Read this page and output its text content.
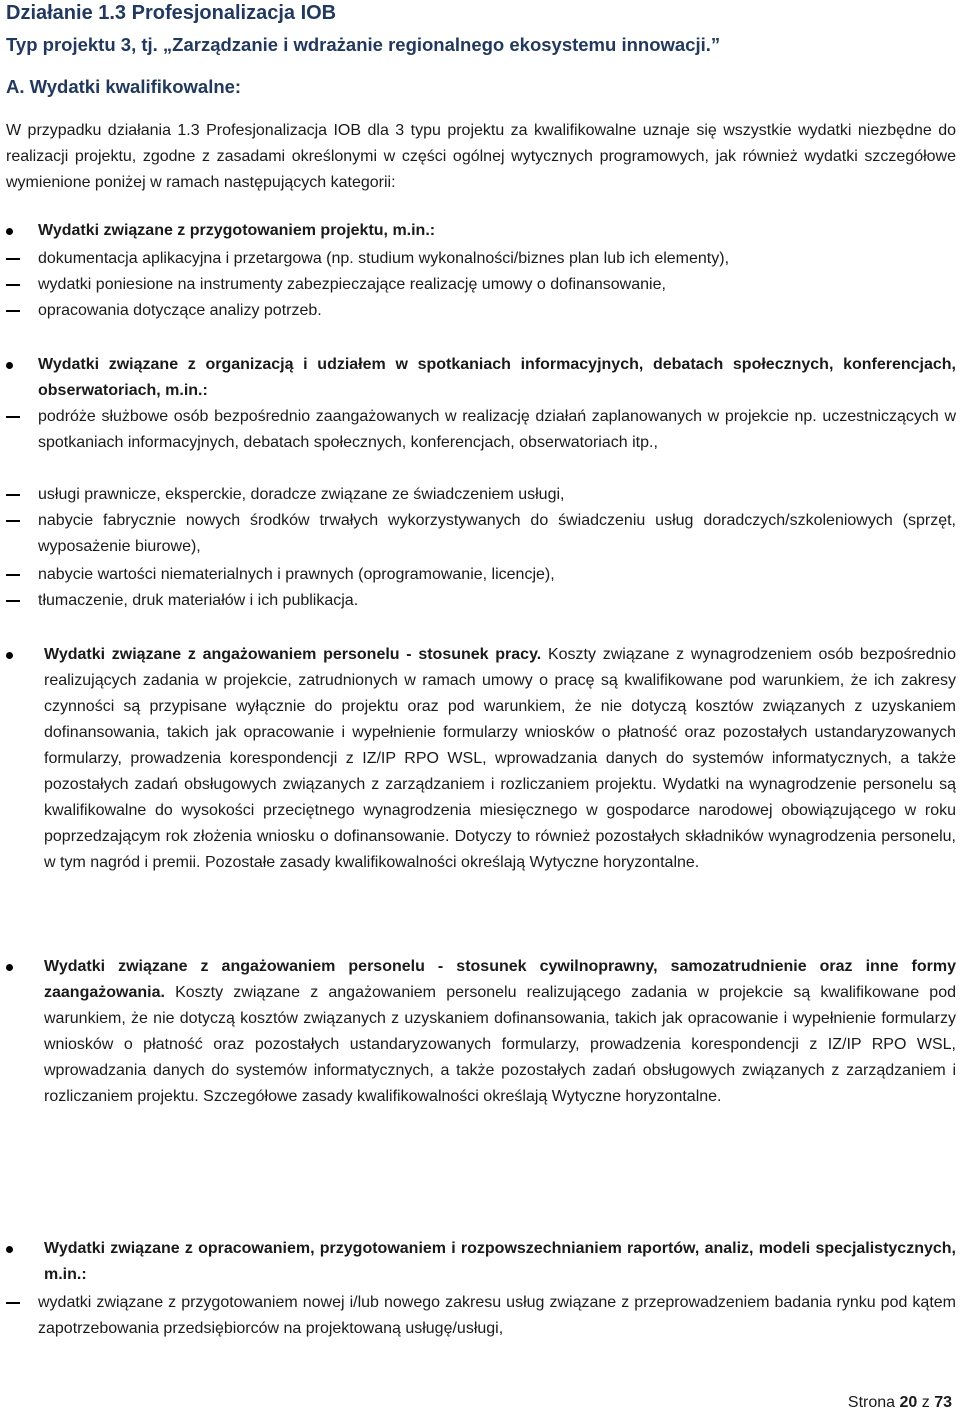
Działanie 1.3 Profesjonalizacja IOB
Typ projektu 3, tj. „Zarządzanie i wdrażanie regionalnego ekosystemu innowacji.”
A. Wydatki kwalifikowalne:
W przypadku działania 1.3 Profesjonalizacja IOB dla 3 typu projektu za kwalifikowalne uznaje się wszystkie wydatki niezbędne do realizacji projektu, zgodne z zasadami określonymi w części ogólnej wytycznych programowych, jak również wydatki szczegółowe wymienione poniżej w ramach następujących kategorii:
Wydatki związane z przygotowaniem projektu, m.in.:
dokumentacja aplikacyjna i przetargowa (np. studium wykonalności/biznes plan lub ich elementy),
wydatki poniesione na instrumenty zabezpieczające realizację umowy o dofinansowanie,
opracowania dotyczące analizy potrzeb.
Wydatki związane z organizacją i udziałem w spotkaniach informacyjnych, debatach społecznych, konferencjach, obserwatoriach, m.in.:
podróże służbowe osób bezpośrednio zaangażowanych w realizację działań zaplanowanych w projekcie np. uczestniczących w spotkaniach informacyjnych, debatach społecznych, konferencjach, obserwatoriach itp.,
usługi prawnicze, eksperckie, doradcze związane ze świadczeniem usługi,
nabycie fabrycznie nowych środków trwałych wykorzystywanych do świadczeniu usług doradczych/szkoleniowych (sprzęt, wyposażenie biurowe),
nabycie wartości niematerialnych i prawnych (oprogramowanie, licencje),
tłumaczenie, druk materiałów i ich publikacja.
Wydatki związane z angażowaniem personelu - stosunek pracy. Koszty związane z wynagrodzeniem osób bezpośrednio realizujących zadania w projekcie, zatrudnionych w ramach umowy o pracę są kwalifikowane pod warunkiem, że ich zakresy czynności są przypisane wyłącznie do projektu oraz pod warunkiem, że nie dotyczą kosztów związanych z uzyskaniem dofinansowania, takich jak opracowanie i wypełnienie formularzy wniosków o płatność oraz pozostałych ustandaryzowanych formularzy, prowadzenia korespondencji z IZ/IP RPO WSL, wprowadzania danych do systemów informatycznych, a także pozostałych zadań obsługowych związanych z zarządzaniem i rozliczaniem projektu. Wydatki na wynagrodzenie personelu są kwalifikowalne do wysokości przeciętnego wynagrodzenia miesięcznego w gospodarce narodowej obowiązującego w roku poprzedzającym rok złożenia wniosku o dofinansowanie. Dotyczy to również pozostałych składników wynagrodzenia personelu, w tym nagród i premii. Pozostałe zasady kwalifikowalności określają Wytyczne horyzontalne.
Wydatki związane z angażowaniem personelu - stosunek cywilnoprawny, samozatrudnienie oraz inne formy zaangażowania. Koszty związane z angażowaniem personelu realizującego zadania w projekcie są kwalifikowane pod warunkiem, że nie dotyczą kosztów związanych z uzyskaniem dofinansowania, takich jak opracowanie i wypełnienie formularzy wniosków o płatność oraz pozostałych ustandaryzowanych formularzy, prowadzenia korespondencji z IZ/IP RPO WSL, wprowadzania danych do systemów informatycznych, a także pozostałych zadań obsługowych związanych z zarządzaniem i rozliczaniem projektu. Szczegółowe zasady kwalifikowalności określają Wytyczne horyzontalne.
Wydatki związane z opracowaniem, przygotowaniem i rozpowszechnianiem raportów, analiz, modeli specjalistycznych, m.in.:
wydatki związane z przygotowaniem nowej i/lub nowego zakresu usług związane z przeprowadzeniem badania rynku pod kątem zapotrzebowania przedsiębiorców na projektowaną usługę/usługi,
Strona 20 z 73
